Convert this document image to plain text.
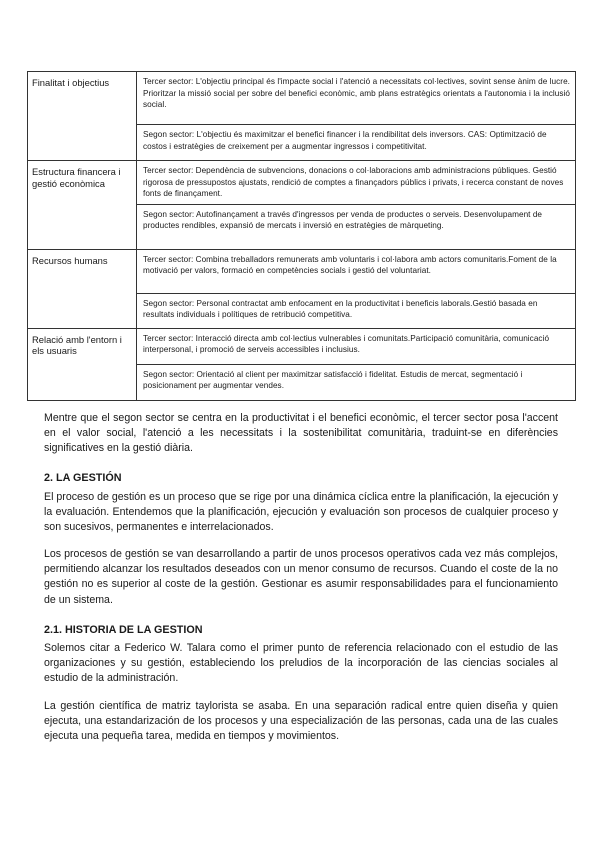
Finalitat i objectius	Tercer sector: L'objectiu principal és l'impacte social i l'atenció a necessitats col·lectives, sovint sense ànim de lucre. Prioritzar la missió social per sobre del benefici econòmic, amb plans estratègics orientats a l'autonomia i la inclusió social.
	Segon sector: L'objectiu és maximitzar el benefici financer i la rendibilitat dels inversors. CAS: Optimització de costos i estratègies de creixement per a augmentar ingressos i competitivitat.

Estructura financera i gestió econòmica	Tercer sector: Dependència de subvencions, donacions o col·laboracions amb administracions públiques. Gestió rigorosa de pressupostos ajustats, rendició de comptes a finançadors públics i privats, i recerca constant de noves fonts de finançament.
	Segon sector: Autofinançament a través d'ingressos per venda de productes o serveis. Desenvolupament de productes rendibles, expansió de mercats i inversió en estratègies de màrqueting.

Recursos humans	Tercer sector: Combina treballadors remunerats amb voluntaris i col·labora amb actors comunitaris.Foment de la motivació per valors, formació en competències socials i gestió del voluntariat.
	Segon sector: Personal contractat amb enfocament en la productivitat i beneficis laborals.Gestió basada en resultats individuals i polítiques de retribució competitiva.

Relació amb l'entorn i els usuaris	Tercer sector: Interacció directa amb col·lectius vulnerables i comunitats.Participació comunitària, comunicació interpersonal, i promoció de serveis accessibles i inclusius.
	Segon sector: Orientació al client per maximitzar satisfacció i fidelitat. Estudis de mercat, segmentació i posicionament per augmentar vendes.

Mentre que el segon sector se centra en la productivitat i el benefici econòmic, el tercer sector posa l'accent en el valor social, l'atenció a les necessitats i la sostenibilitat comunitària, traduint-se en diferències significatives en la gestió diària.

2. LA GESTIÓN

El proceso de gestión es un proceso que se rige por una dinámica cíclica entre la planificación, la ejecución y la evaluación. Entendemos que la planificación, ejecución y evaluación son procesos de cualquier proceso y son sucesivos, permanentes e interrelacionados.

Los procesos de gestión se van desarrollando a partir de unos procesos operativos cada vez más complejos, permitiendo alcanzar los resultados deseados con un menor consumo de recursos. Cuando el coste de la no gestión no es superior al coste de la gestión. Gestionar es asumir responsabilidades para el funcionamiento de un sistema.

2.1. HISTORIA DE LA GESTION

Solemos citar a Federico W. Talara como el primer punto de referencia relacionado con el estudio de las organizaciones y su gestión, estableciendo los preludios de la incorporación de las ciencias sociales al estudio de la administración.

La gestión científica de matriz taylorista se asaba. En una separación radical entre quien diseña y quien ejecuta, una estandarización de los procesos y una especialización de las personas, cada una de las cuales ejecuta una pequeña tarea, medida en tiempos y movimientos.
